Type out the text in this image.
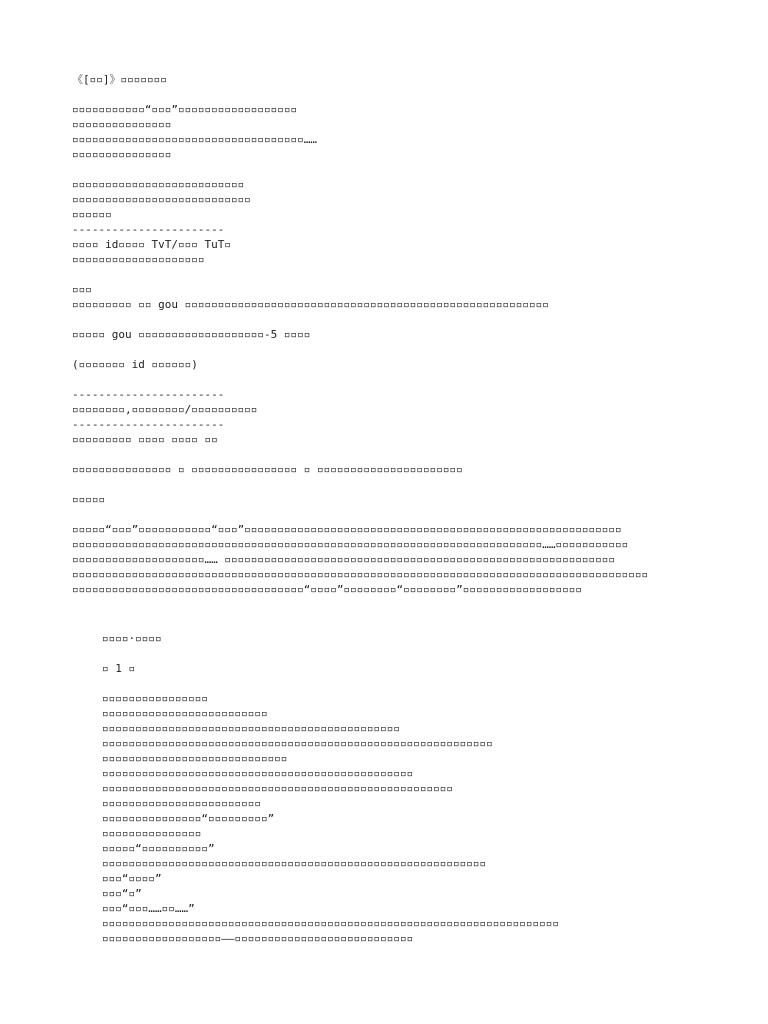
《[▫▫]》▫▫▫▫▫▫▫
▫▫▫▫▫▫▫▫▫▫▫“▫▫▫”▫▫▫▫▫▫▫▫▫▫▫▫▫▫▫▫▫▫
▫▫▫▫▫▫▫▫▫▫▫▫▫▫▫
▫▫▫▫▫▫▫▫▫▫▫▫▫▫▫▫▫▫▫▫▫▫▫▫▫▫▫▫▫▫▫▫▫▫▫……
▫▫▫▫▫▫▫▫▫▫▫▫▫▫▫
▫▫▫▫▫▫▫▫▫▫▫▫▫▫▫▫▫▫▫▫▫▫▫▫▫▫
▫▫▫▫▫▫▫▫▫▫▫▫▫▫▫▫▫▫▫▫▫▫▫▫▫▫▫
▫▫▫▫▫▫
-----------------------
▫▫▫▫ id▫▫▫▫ TvT/▫▫▫ TuT▫
▫▫▫▫▫▫▫▫▫▫▫▫▫▫▫▫▫▫▫▫
▫▫▫
▫▫▫▫▫▫▫▫▫ ▫▫ gou ▫▫▫▫▫▫▫▫▫▫▫▫▫▫▫▫▫▫▫▫▫▫▫▫▫▫▫▫▫▫▫▫▫▫▫▫▫▫▫▫▫▫▫▫▫▫▫▫▫▫▫▫▫▫▫
▫▫▫▫▫ gou ▫▫▫▫▫▫▫▫▫▫▫▫▫▫▫▫▫▫▫-5 ▫▫▫▫
(▫▫▫▫▫▫▫ id ▫▫▫▫▫▫)
-----------------------
▫▫▫▫▫▫▫▫,▫▫▫▫▫▫▫▫/▫▫▫▫▫▫▫▫▫▫
-----------------------
▫▫▫▫▫▫▫▫▫ ▫▫▫▫ ▫▫▫▫ ▫▫
▫▫▫▫▫▫▫▫▫▫▫▫▫▫▫ ▫ ▫▫▫▫▫▫▫▫▫▫▫▫▫▫▫▫ ▫ ▫▫▫▫▫▫▫▫▫▫▫▫▫▫▫▫▫▫▫▫▫▫
▫▫▫▫▫
▫▫▫▫▫“▫▫▫”▫▫▫▫▫▫▫▫▫▫▫“▫▫▫”▫▫▫▫▫▫▫▫▫▫▫▫▫▫▫▫▫▫▫▫▫▫▫▫▫▫▫▫▫▫▫▫▫▫▫▫▫▫▫▫▫▫▫▫▫▫▫▫▫▫▫▫▫▫▫▫▫
▫▫▫▫▫▫▫▫▫▫▫▫▫▫▫▫▫▫▫▫▫▫▫▫▫▫▫▫▫▫▫▫▫▫▫▫▫▫▫▫▫▫▫▫▫▫▫▫▫▫▫▫▫▫▫▫▫▫▫▫▫▫▫▫▫▫▫▫▫▫▫……▫▫▫▫▫▫▫▫▫▫▫
▫▫▫▫▫▫▫▫▫▫▫▫▫▫▫▫▫▫▫▫…… ▫▫▫▫▫▫▫▫▫▫▫▫▫▫▫▫▫▫▫▫▫▫▫▫▫▫▫▫▫▫▫▫▫▫▫▫▫▫▫▫▫▫▫▫▫▫▫▫▫▫▫▫▫▫▫▫▫▫▫
▫▫▫▫▫▫▫▫▫▫▫▫▫▫▫▫▫▫▫▫▫▫▫▫▫▫▫▫▫▫▫▫▫▫▫▫▫▫▫▫▫▫▫▫▫▫▫▫▫▫▫▫▫▫▫▫▫▫▫▫▫▫▫▫▫▫▫▫▫▫▫▫▫▫▫▫▫▫▫▫▫▫▫▫▫▫▫
▫▫▫▫▫▫▫▫▫▫▫▫▫▫▫▫▫▫▫▫▫▫▫▫▫▫▫▫▫▫▫▫▫▫▫“▫▫▫▫”▫▫▫▫▫▫▫▫“▫▫▫▫▫▫▫▫”▫▫▫▫▫▫▫▫▫▫▫▫▫▫▫▫▫▫
▫▫▫▫·▫▫▫▫
▫ 1 ▫
▫▫▫▫▫▫▫▫▫▫▫▫▫▫▫▫
▫▫▫▫▫▫▫▫▫▫▫▫▫▫▫▫▫▫▫▫▫▫▫▫▫
▫▫▫▫▫▫▫▫▫▫▫▫▫▫▫▫▫▫▫▫▫▫▫▫▫▫▫▫▫▫▫▫▫▫▫▫▫▫▫▫▫▫▫▫▫
▫▫▫▫▫▫▫▫▫▫▫▫▫▫▫▫▫▫▫▫▫▫▫▫▫▫▫▫▫▫▫▫▫▫▫▫▫▫▫▫▫▫▫▫▫▫▫▫▫▫▫▫▫▫▫▫▫▫▫
▫▫▫▫▫▫▫▫▫▫▫▫▫▫▫▫▫▫▫▫▫▫▫▫▫▫▫▫
▫▫▫▫▫▫▫▫▫▫▫▫▫▫▫▫▫▫▫▫▫▫▫▫▫▫▫▫▫▫▫▫▫▫▫▫▫▫▫▫▫▫▫▫▫▫▫
▫▫▫▫▫▫▫▫▫▫▫▫▫▫▫▫▫▫▫▫▫▫▫▫▫▫▫▫▫▫▫▫▫▫▫▫▫▫▫▫▫▫▫▫▫▫▫▫▫▫▫▫▫
▫▫▫▫▫▫▫▫▫▫▫▫▫▫▫▫▫▫▫▫▫▫▫▫
▫▫▫▫▫▫▫▫▫▫▫▫▫▫▫“▫▫▫▫▫▫▫▫▫”
▫▫▫▫▫▫▫▫▫▫▫▫▫▫▫
▫▫▫▫▫“▫▫▫▫▫▫▫▫▫▫”
▫▫▫▫▫▫▫▫▫▫▫▫▫▫▫▫▫▫▫▫▫▫▫▫▫▫▫▫▫▫▫▫▫▫▫▫▫▫▫▫▫▫▫▫▫▫▫▫▫▫▫▫▫▫▫▫▫▫
▫▫▫“▫▫▫▫”
▫▫▫“▫”
▫▫▫“▫▫▫……▫▫……”
▫▫▫▫▫▫▫▫▫▫▫▫▫▫▫▫▫▫▫▫▫▫▫▫▫▫▫▫▫▫▫▫▫▫▫▫▫▫▫▫▫▫▫▫▫▫▫▫▫▫▫▫▫▫▫▫▫▫▫▫▫▫▫▫▫▫▫▫▫
▫▫▫▫▫▫▫▫▫▫▫▫▫▫▫▫▫▫——▫▫▫▫▫▫▫▫▫▫▫▫▫▫▫▫▫▫▫▫▫▫▫▫▫▫▫
